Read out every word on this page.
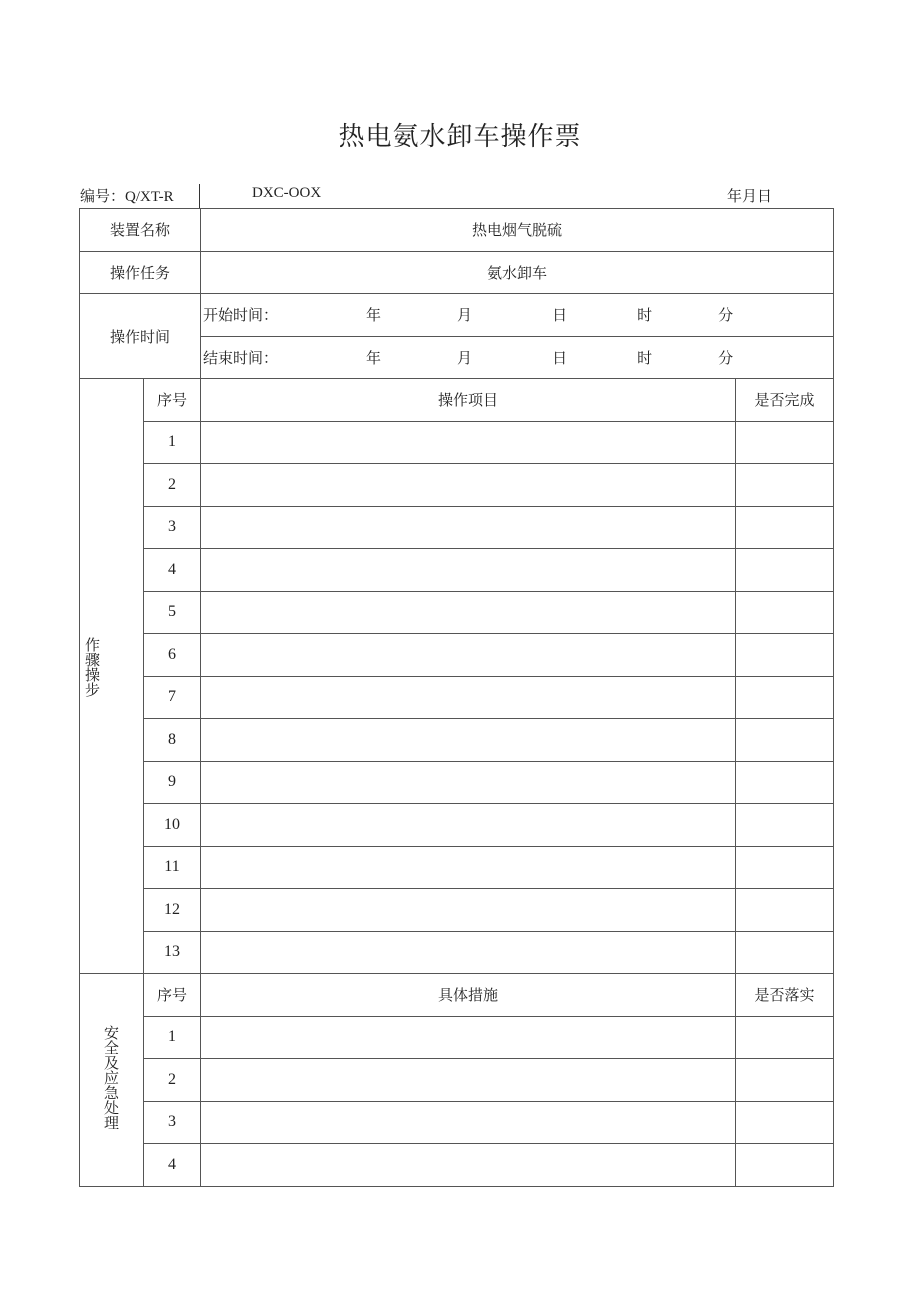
热电氨水卸车操作票
编号：Q/XT-R	DXC-OOX	年月日
装置名称		热电烟气脱硫	
操作任务		氨水卸车	
操作时间		开始时间： 年 月 日 时 分	
		结束时间： 年 月 日 时 分	
作骤操步	序号	操作项目	是否完成
	1		
	2		
	3		
	4		
	5		
	6		
	7		
	8		
	9		
	10		
	11		
	12		
	13		
安全及应急处理	序号	具体措施	是否落实
	1		
	2		
	3		
	4		
